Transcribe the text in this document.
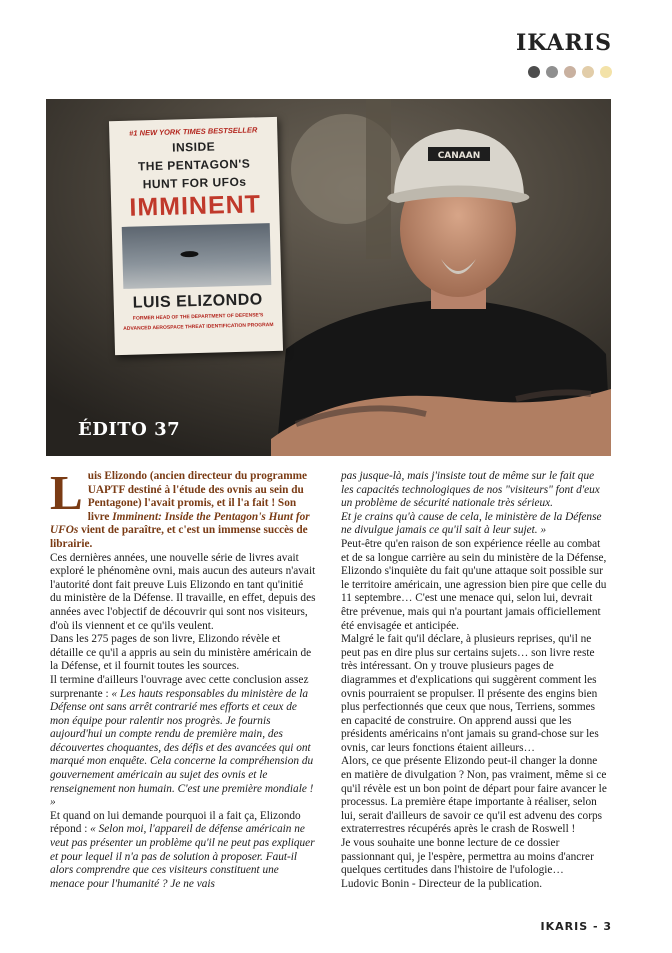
IKARIS
CANAAN
#1 NEW YORK TIMES BESTSELLER
INSIDE
THE PENTAGON'S
HUNT FOR UFOs
IMMINENT
LUIS ELIZONDO
FORMER HEAD OF THE DEPARTMENT OF DEFENSE'S
ADVANCED AEROSPACE THREAT IDENTIFICATION PROGRAM
ÉDITO 37

Luis Elizondo (ancien directeur du programme UAPTF destiné à l'étude des ovnis au sein du Pentagone) l'avait promis, et il l'a fait ! Son livre Imminent: Inside the Pentagon's Hunt for UFOs vient de paraître, et c'est un immense succès de librairie.

Ces dernières années, une nouvelle série de livres avait exploré le phénomène ovni, mais aucun des auteurs n'avait l'autorité dont fait preuve Luis Elizondo en tant qu'initié du ministère de la Défense. Il travaille, en effet, depuis des années avec l'objectif de découvrir qui sont nos visiteurs, d'où ils viennent et ce qu'ils veulent.

Dans les 275 pages de son livre, Elizondo révèle et détaille ce qu'il a appris au sein du ministère américain de la Défense, et il fournit toutes les sources.

Il termine d'ailleurs l'ouvrage avec cette conclusion assez surprenante : « Les hauts responsables du ministère de la Défense ont sans arrêt contrarié mes efforts et ceux de mon équipe pour ralentir nos progrès. Je fournis aujourd'hui un compte rendu de première main, des découvertes choquantes, des défis et des avancées qui ont marqué mon enquête. Cela concerne la compréhension du gouvernement américain au sujet des ovnis et le renseignement non humain. C'est une première mondiale ! »

Et quand on lui demande pourquoi il a fait ça, Elizondo répond : « Selon moi, l'appareil de défense américain ne veut pas présenter un problème qu'il ne peut pas expliquer et pour lequel il n'a pas de solution à proposer. Faut-il alors comprendre que ces visiteurs constituent une menace pour l'humanité ? Je ne vais

pas jusque-là, mais j'insiste tout de même sur le fait que les capacités technologiques de nos "visiteurs" font d'eux un problème de sécurité nationale très sérieux.

Et je crains qu'à cause de cela, le ministère de la Défense ne divulgue jamais ce qu'il sait à leur sujet. »

Peut-être qu'en raison de son expérience réelle au combat et de sa longue carrière au sein du ministère de la Défense, Elizondo s'inquiète du fait qu'une attaque soit possible sur le territoire américain, une agression bien pire que celle du 11 septembre… C'est une menace qui, selon lui, devrait être prévenue, mais qui n'a pourtant jamais officiellement été envisagée et anticipée.

Malgré le fait qu'il déclare, à plusieurs reprises, qu'il ne peut pas en dire plus sur certains sujets… son livre reste très intéressant. On y trouve plusieurs pages de diagrammes et d'explications qui suggèrent comment les ovnis pourraient se propulser. Il présente des engins bien plus perfectionnés que ceux que nous, Terriens, sommes en capacité de construire. On apprend aussi que les présidents américains n'ont jamais su grand-chose sur les ovnis, car leurs fonctions étaient ailleurs…

Alors, ce que présente Elizondo peut-il changer la donne en matière de divulgation ? Non, pas vraiment, même si ce qu'il révèle est un bon point de départ pour faire avancer le processus. La première étape importante à réaliser, selon lui, serait d'ailleurs de savoir ce qu'il est advenu des corps extraterrestres récupérés après le crash de Roswell !

Je vous souhaite une bonne lecture de ce dossier passionnant qui, je l'espère, permettra au moins d'ancrer quelques certitudes dans l'histoire de l'ufologie…

Ludovic Bonin - Directeur de la publication.

IKARIS - 3
